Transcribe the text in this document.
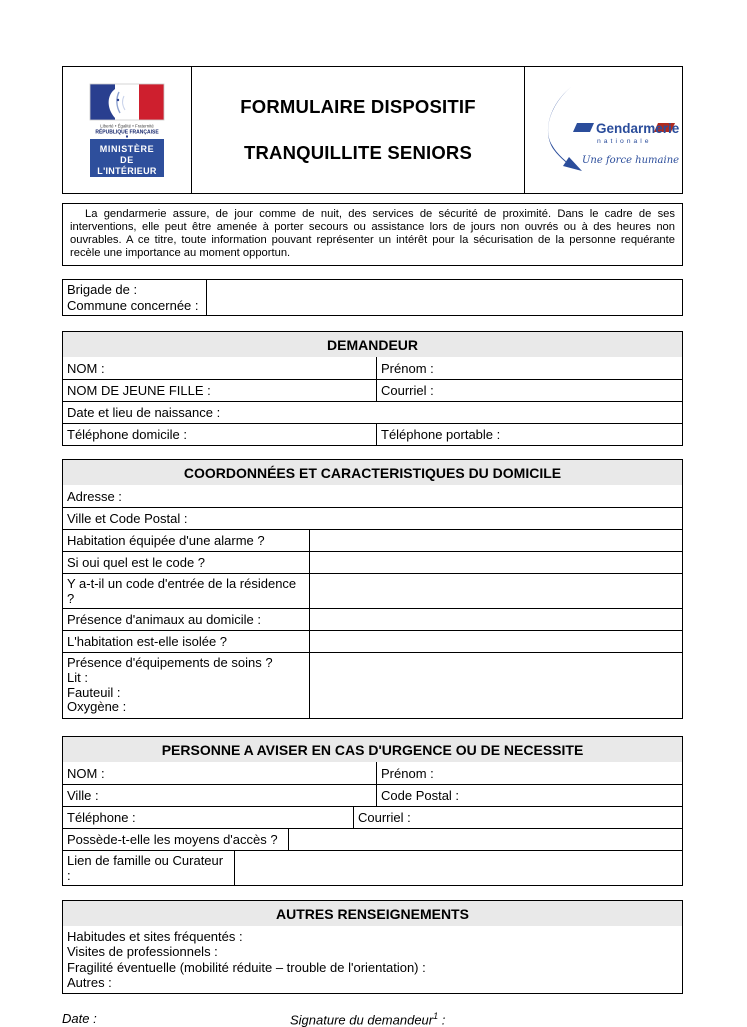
Liberté • Égalité • Fraternité
RÉPUBLIQUE FRANÇAISE
MINISTÈRE
DE
L'INTÉRIEUR
FORMULAIRE DISPOSITIF
TRANQUILLITE SENIORS
Gendarmerie
nationale
Une force humaine
La gendarmerie assure, de jour comme de nuit, des services de sécurité de proximité. Dans le cadre de ses interventions, elle peut être amenée à porter secours ou assistance lors de jours non ouvrés ou à des heures non ouvrables. A ce titre, toute information pouvant représenter un intérêt pour la sécurisation de la personne requérante recèle une importance au moment opportun.
Brigade de :
Commune concernée :
DEMANDEUR
NOM :	Prénom :
NOM DE JEUNE FILLE :	Courriel :
Date et lieu de naissance :
Téléphone domicile :	Téléphone portable :
COORDONNÉES ET CARACTERISTIQUES DU DOMICILE
Adresse :
Ville et Code Postal :
Habitation équipée d'une alarme ?
Si oui quel est le code ?
Y a-t-il un code d'entrée de la résidence ?
Présence d'animaux au domicile :
L'habitation est-elle isolée ?
Présence d'équipements de soins ?
Lit :
Fauteuil :
Oxygène :
PERSONNE A AVISER EN CAS D'URGENCE OU DE NECESSITE
NOM :	Prénom :
Ville :	Code Postal :
Téléphone :	Courriel :
Possède-t-elle les moyens d'accès ?
Lien de famille ou Curateur :
AUTRES RENSEIGNEMENTS
Habitudes et sites fréquentés :
Visites de professionnels :
Fragilité éventuelle (mobilité réduite – trouble de l'orientation) :
Autres :
Date :	Signature du demandeur$^1$ :
